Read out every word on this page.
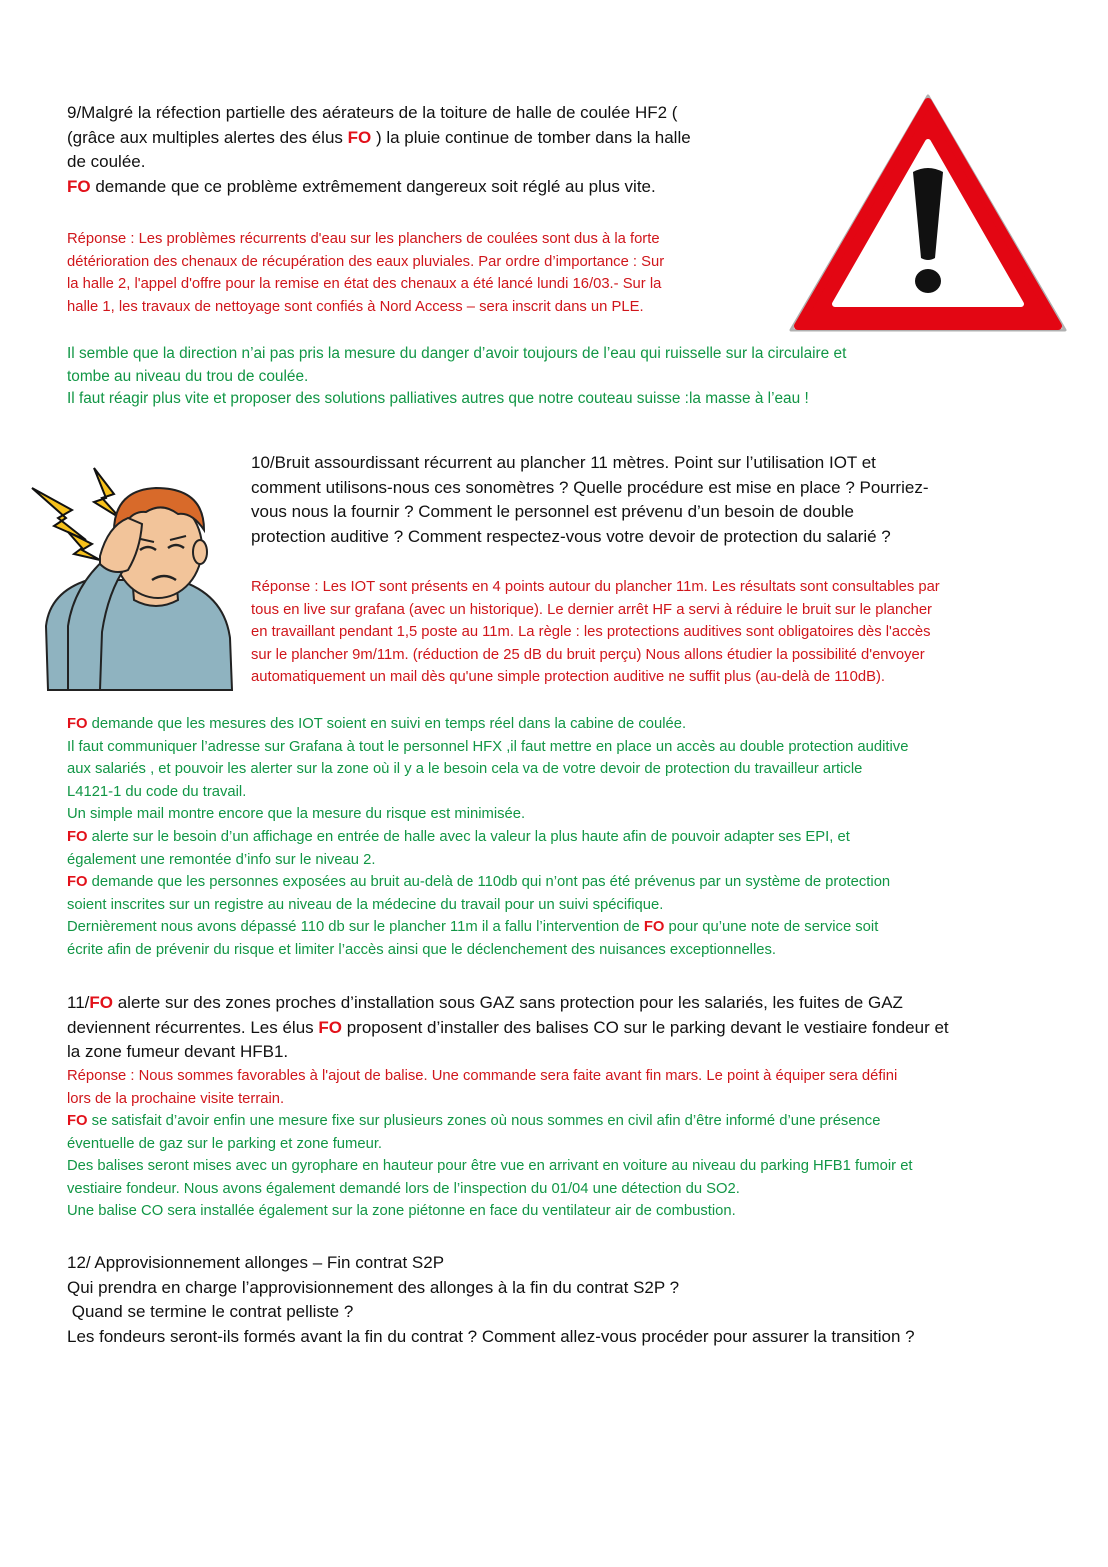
9/Malgré la réfection partielle des aérateurs de la toiture de halle de coulée HF2 (
(grâce aux multiples alertes des élus FO ) la pluie continue de tomber dans la halle
de coulée.
FO demande que ce problème extrêmement dangereux soit réglé au plus vite.
Réponse : Les problèmes récurrents d'eau sur les planchers de coulées sont dus à la forte
détérioration des chenaux de récupération des eaux pluviales. Par ordre d’importance : Sur
la halle 2, l'appel d'offre pour la remise en état des chenaux a été lancé lundi 16/03.- Sur la
halle 1, les travaux de nettoyage sont confiés à Nord Access – sera inscrit dans un PLE.
Il semble que la direction n’ai pas pris la mesure du danger d’avoir toujours de l’eau qui ruisselle sur la circulaire et
tombe au niveau du trou de coulée.
Il faut réagir plus vite et proposer des solutions palliatives autres que notre couteau suisse :la masse à l’eau !
10/Bruit assourdissant récurrent au plancher 11 mètres. Point sur l’utilisation IOT et
comment utilisons-nous ces sonomètres ? Quelle procédure est mise en place ? Pourriez-
vous nous la fournir ? Comment le personnel est prévenu d’un besoin de double
protection auditive ? Comment respectez-vous votre devoir de protection du salarié ?
Réponse : Les IOT sont présents en 4 points autour du plancher 11m. Les résultats sont consultables par
tous en live sur grafana (avec un historique). Le dernier arrêt HF a servi à réduire le bruit sur le plancher
en travaillant pendant 1,5 poste au 11m. La règle : les protections auditives sont obligatoires dès l'accès
sur le plancher 9m/11m. (réduction de 25 dB du bruit perçu) Nous allons étudier la possibilité d'envoyer
automatiquement un mail dès qu'une simple protection auditive ne suffit plus (au-delà de 110dB).
FO demande que les mesures des IOT soient en suivi en temps réel dans la cabine de coulée.
Il faut communiquer l’adresse sur Grafana à tout le personnel HFX ,il faut mettre en place un accès au double protection auditive
aux salariés , et pouvoir les alerter sur la zone où il y a le besoin cela va de votre devoir de protection du travailleur article
L4121-1 du code du travail.
Un simple mail montre encore que la mesure du risque est minimisée.
FO alerte sur le besoin d’un affichage en entrée de halle avec la valeur la plus haute afin de pouvoir adapter ses EPI, et
également une remontée d’info sur le niveau 2.
FO demande que les personnes exposées au bruit au-delà de 110db qui n’ont pas été prévenus par un système de protection
soient inscrites sur un registre au niveau de la médecine du travail pour un suivi spécifique.
Dernièrement nous avons dépassé 110 db sur le plancher 11m il a fallu l’intervention de FO pour qu’une note de service soit
écrite afin de prévenir du risque et limiter l’accès ainsi que le déclenchement des nuisances exceptionnelles.
11/FO alerte sur des zones proches d’installation sous GAZ sans protection pour les salariés, les fuites de GAZ
deviennent récurrentes. Les élus FO proposent d’installer des balises CO sur le parking devant le vestiaire fondeur et
la zone fumeur devant HFB1.
Réponse : Nous sommes favorables à l'ajout de balise. Une commande sera faite avant fin mars. Le point à équiper sera défini
lors de la prochaine visite terrain.
FO se satisfait d’avoir enfin une mesure fixe sur plusieurs zones où nous sommes en civil afin d’être informé d’une présence
éventuelle de gaz sur le parking et zone fumeur.
Des balises seront mises avec un gyrophare en hauteur pour être vue en arrivant en voiture au niveau du parking HFB1 fumoir et
vestiaire fondeur. Nous avons également demandé lors de l’inspection du 01/04 une détection du SO2.
Une balise CO sera installée également sur la zone piétonne en face du ventilateur air de combustion.
12/ Approvisionnement allonges – Fin contrat S2P
Qui prendra en charge l’approvisionnement des allonges à la fin du contrat S2P ?
Quand se termine le contrat pelliste ?
Les fondeurs seront-ils formés avant la fin du contrat ? Comment allez-vous procéder pour assurer la transition ?
